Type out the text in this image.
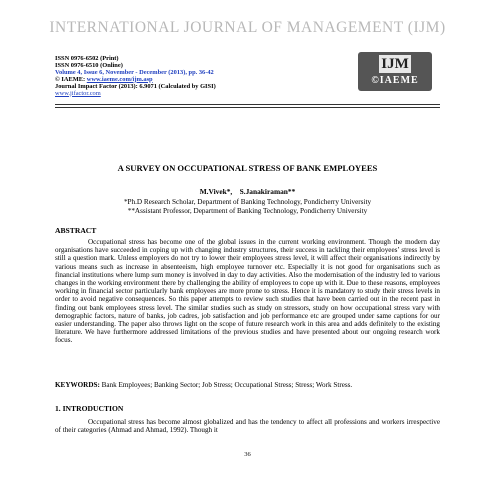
INTERNATIONAL JOURNAL OF MANAGEMENT (IJM)
ISSN 0976-6502 (Print)
ISSN 0976-6510 (Online)
Volume 4, Issue 6, November - December (2013), pp. 36-42
© IAEME: www.iaeme.com/ijm.asp
Journal Impact Factor (2013): 6.9071 (Calculated by GISI)
www.jifactor.com
IJM
©IAEME
A SURVEY ON OCCUPATIONAL STRESS OF BANK EMPLOYEES
M.Vivek*,    S.Janakiraman**
*Ph.D Research Scholar, Department of Banking Technology, Pondicherry University
**Assistant Professor, Department of Banking Technology, Pondicherry University
ABSTRACT

Occupational stress has become one of the global issues in the current working environment. Though the modern day organisations have succeeded in coping up with changing industry structures, their success in tackling their employees’ stress level is still a question mark. Unless employers do not try to lower their employees stress level, it will affect their organisations indirectly by various means such as increase in absenteeism, high employee turnover etc. Especially it is not good for organisations such as financial institutions where lump sum money is involved in day to day activities. Also the modernisation of the industry led to various changes in the working environment there by challenging the ability of employees to cope up with it. Due to these reasons, employees working in financial sector particularly bank employees are more prone to stress. Hence it is mandatory to study their stress levels in order to avoid negative consequences. So this paper attempts to review such studies that have been carried out in the recent past in finding out bank employees stress level. The similar studies such as study on stressors, study on how occupational stress vary with demographic factors, nature of banks, job cadres, job satisfaction and job performance etc are grouped under same captions for our easier understanding. The paper also throws light on the scope of future research work in this area and adds definitely to the existing literature. We have furthermore addressed limitations of the previous studies and have presented about our ongoing research work focus.

KEYWORDS: Bank Employees; Banking Sector; Job Stress; Occupational Stress; Stress; Work Stress.

1. INTRODUCTION

Occupational stress has become almost globalized and has the tendency to affect all professions and workers irrespective of their categories (Ahmad and Ahmad, 1992). Though it

36
